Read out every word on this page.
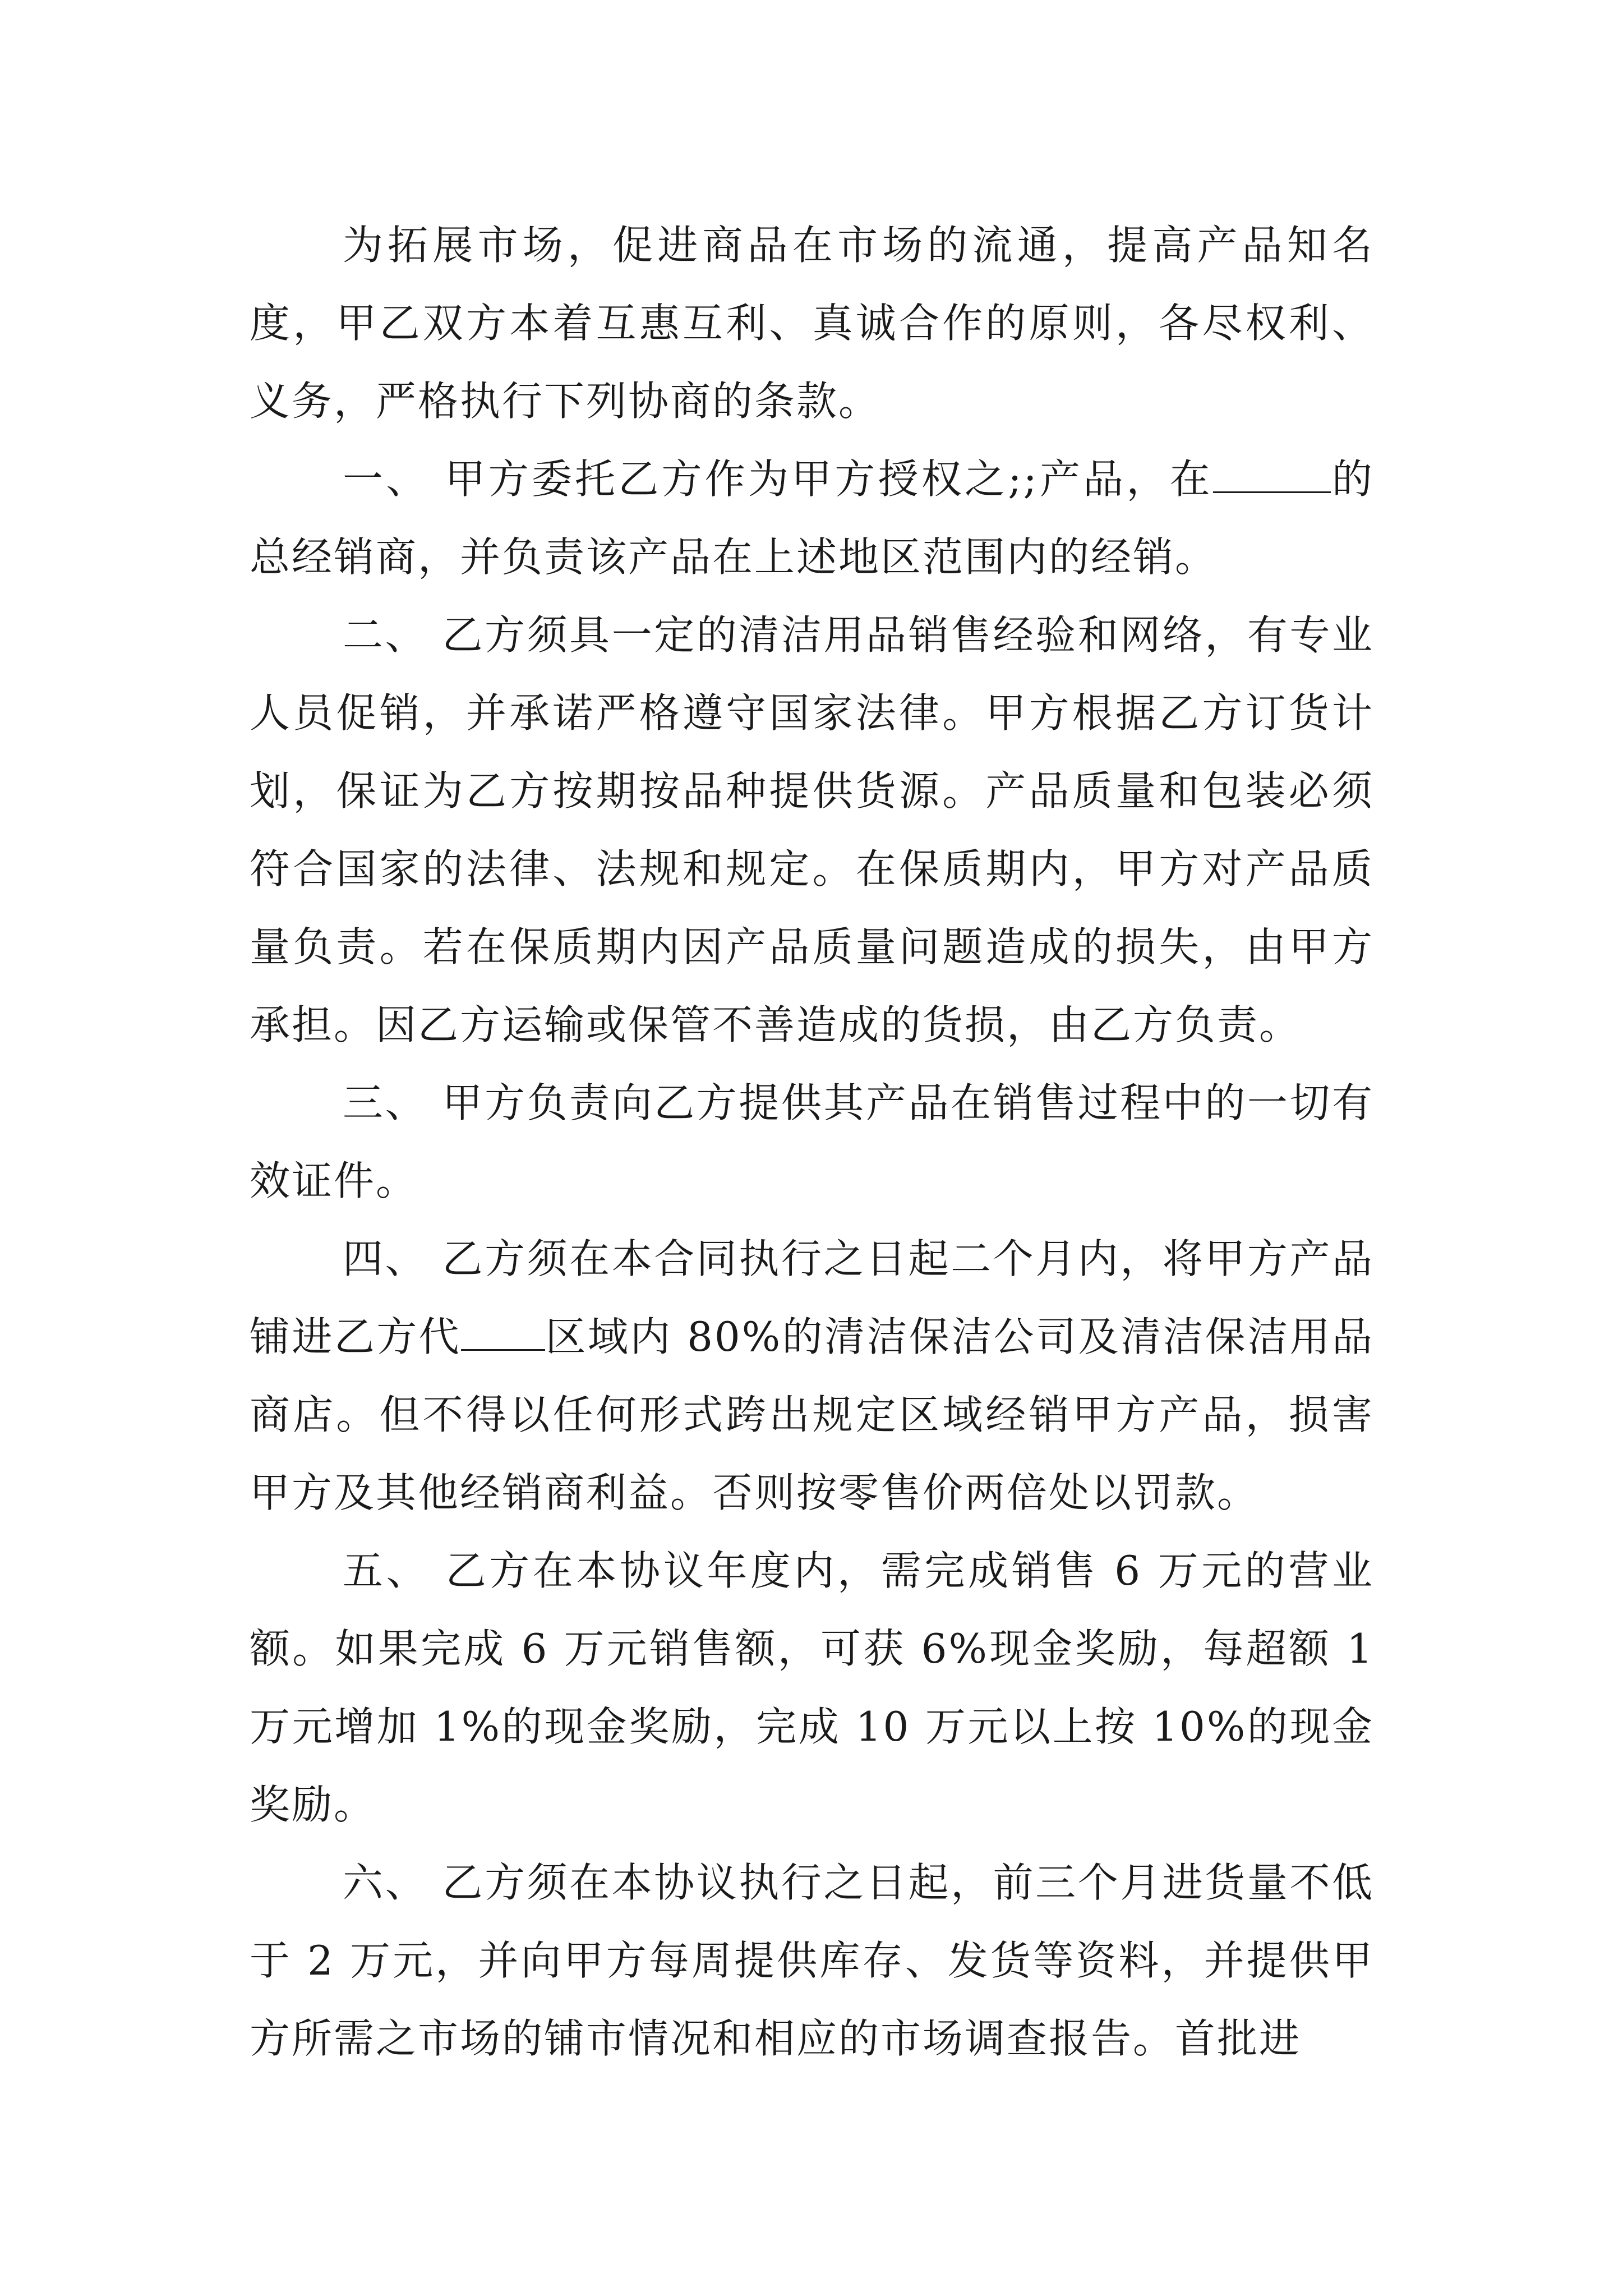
为拓展市场，促进商品在市场的流通，提高产品知名度，甲乙双方本着互惠互利、真诚合作的原则，各尽权利、义务，严格执行下列协商的条款。

一、 甲方委托乙方作为甲方授权之;;产品，在	的总经销商，并负责该产品在上述地区范围内的经销。

二、 乙方须具一定的清洁用品销售经验和网络，有专业人员促销，并承诺严格遵守国家法律。甲方根据乙方订货计划，保证为乙方按期按品种提供货源。产品质量和包装必须符合国家的法律、法规和规定。在保质期内，甲方对产品质量负责。若在保质期内因产品质量问题造成的损失，由甲方承担。因乙方运输或保管不善造成的货损，由乙方负责。

三、 甲方负责向乙方提供其产品在销售过程中的一切有效证件。

四、 乙方须在本合同执行之日起二个月内，将甲方产品铺进乙方代 区域内 80%的清洁保洁公司及清洁保洁用品商店。但不得以任何形式跨出规定区域经销甲方产品，损害甲方及其他经销商利益。否则按零售价两倍处以罚款。

五、 乙方在本协议年度内，需完成销售 6 万元的营业额。如果完成 6 万元销售额，可获 6%现金奖励，每超额 1 万元增加 1%的现金奖励，完成 10 万元以上按 10%的现金奖励。

六、 乙方须在本协议执行之日起，前三个月进货量不低于 2 万元，并向甲方每周提供库存、发货等资料，并提供甲方所需之市场的铺市情况和相应的市场调查报告。首批进
